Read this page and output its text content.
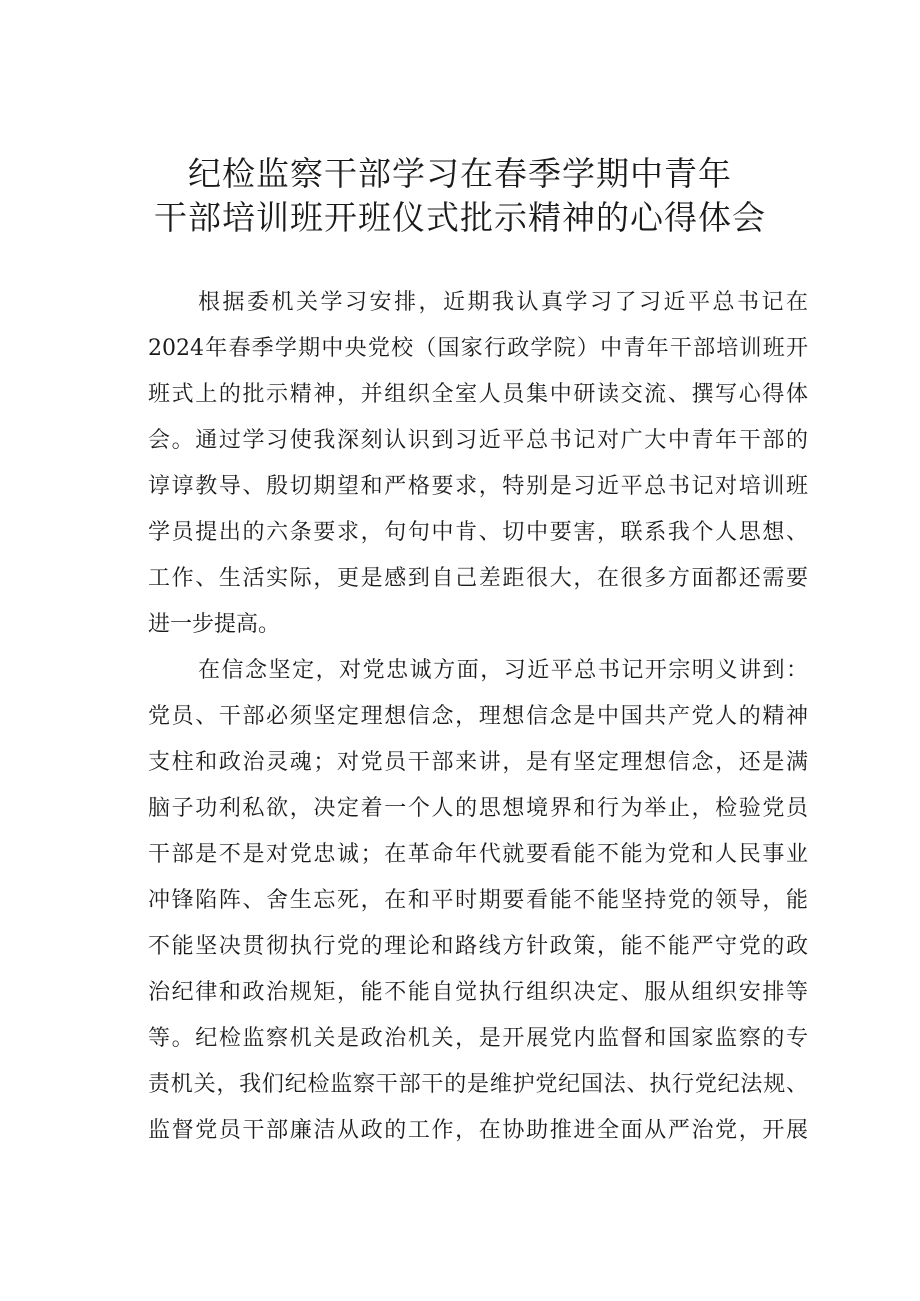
纪检监察干部学习在春季学期中青年
干部培训班开班仪式批示精神的心得体会
根据委机关学习安排，近期我认真学习了习近平总书记在
2024年春季学期中央党校（国家行政学院）中青年干部培训班开
班式上的批示精神，并组织全室人员集中研读交流、撰写心得体
会。通过学习使我深刻认识到习近平总书记对广大中青年干部的
谆谆教导、殷切期望和严格要求，特别是习近平总书记对培训班
学员提出的六条要求，句句中肯、切中要害，联系我个人思想、
工作、生活实际，更是感到自己差距很大，在很多方面都还需要
进一步提高。
在信念坚定，对党忠诚方面，习近平总书记开宗明义讲到：
党员、干部必须坚定理想信念，理想信念是中国共产党人的精神
支柱和政治灵魂；对党员干部来讲，是有坚定理想信念，还是满
脑子功利私欲，决定着一个人的思想境界和行为举止，检验党员
干部是不是对党忠诚；在革命年代就要看能不能为党和人民事业
冲锋陷阵、舍生忘死，在和平时期要看能不能坚持党的领导，能
不能坚决贯彻执行党的理论和路线方针政策，能不能严守党的政
治纪律和政治规矩，能不能自觉执行组织决定、服从组织安排等
等。纪检监察机关是政治机关，是开展党内监督和国家监察的专
责机关，我们纪检监察干部干的是维护党纪国法、执行党纪法规、
监督党员干部廉洁从政的工作，在协助推进全面从严治党，开展
